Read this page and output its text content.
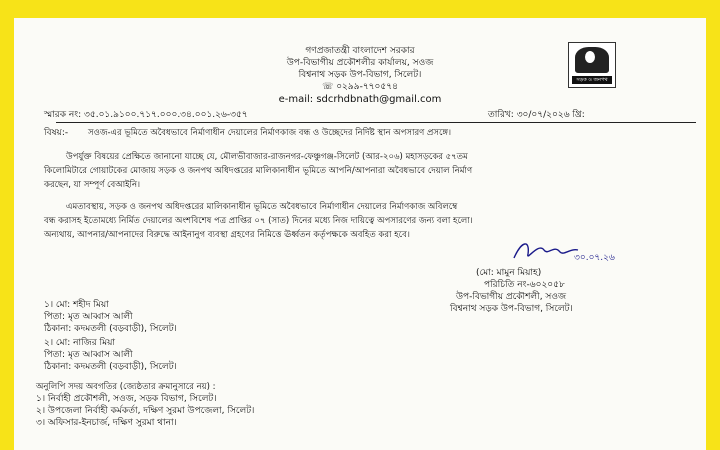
গণপ্রজাতন্ত্রী বাংলাদেশ সরকার
উপ-বিভাগীয় প্রকৌশলীর কার্যালয়, সওজ
বিশ্বনাথ সড়ক উপ-বিভাগ, সিলেট।
☏ ০২৯৯-৭৭০৫৭৪
e-mail: sdcrhdbnath@gmail.com
সড়ক ও জনপথ
স্মারক নং: ৩৫.০১.৯১০০.৭১৭.০০০.৩৪.০০১.২৬-৩৫৭	তারিখ: ৩০/০৭/২০২৬ খ্রি:
বিষয়:- সওজ-এর ভূমিতে অবৈধভাবে নির্মাণাধীন দেয়ালের নির্মাণকাজ বন্ধ ও উচ্ছেদের নির্দিষ্ট স্থান অপসারণ প্রসঙ্গে।
উপর্যুক্ত বিষয়ের প্রেক্ষিতে জানানো যাচ্ছে যে, মৌলভীবাজার-রাজনগর-ফেঞ্চুগঞ্জ-সিলেট (আর-২০৬) মহাসড়কের ৫৭তম
কিলোমিটারে গোয়াটকের মোজায় সড়ক ও জনপথ অধিদপ্তরের মালিকানাধীন ভূমিতে আপনি/আপনারা অবৈধভাবে দেয়াল নির্মাণ
করছেন, যা সম্পূর্ণ বেআইনি।
এমতাবস্থায়, সড়ক ও জনপথ অধিদপ্তরের মালিকানাধীন ভূমিতে অবৈধভাবে নির্মাণাধীন দেয়ালের নির্মাণকাজ অবিলম্বে
বন্ধ করাসহ ইতোমধ্যে নির্মিত দেয়ালের অংশবিশেষ পত্র প্রাপ্তির ০৭ (সাত) দিনের মধ্যে নিজ দায়িত্বে অপসারণের জন্য বলা হলো।
অন্যথায়, আপনার/আপনাদের বিরুদ্ধে আইনানুগ ব্যবস্থা গ্রহণের নিমিত্তে ঊর্ধ্বতন কর্তৃপক্ষকে অবহিত করা হবে।
৩০.০৭.২৬
(মো: মামুন মিয়াহ)
পরিচিতি নং-৬০২০৫৮
উপ-বিভাগীয় প্রকৌশলী, সওজ
বিশ্বনাথ সড়ক উপ-বিভাগ, সিলেট।
১। মো: শহীদ মিয়া
পিতা: মৃত আব্বাস আলী
ঠিকানা: কদমতলী (বড়বাড়ী), সিলেট।
২। মো: নাজির মিয়া
পিতা: মৃত আব্বাস আলী
ঠিকানা: কদমতলী (বড়বাড়ী), সিলেট।
অনুলিপি সদয় অবগতির (জ্যেষ্ঠতার ক্রমানুসারে নয়) :
১। নির্বাহী প্রকৌশলী, সওজ, সড়ক বিভাগ, সিলেট।
২। উপজেলা নির্বাহী কর্মকর্তা, দক্ষিণ সুরমা উপজেলা, সিলেট।
৩। অফিসার-ইনচার্জ, দক্ষিণ সুরমা থানা।
